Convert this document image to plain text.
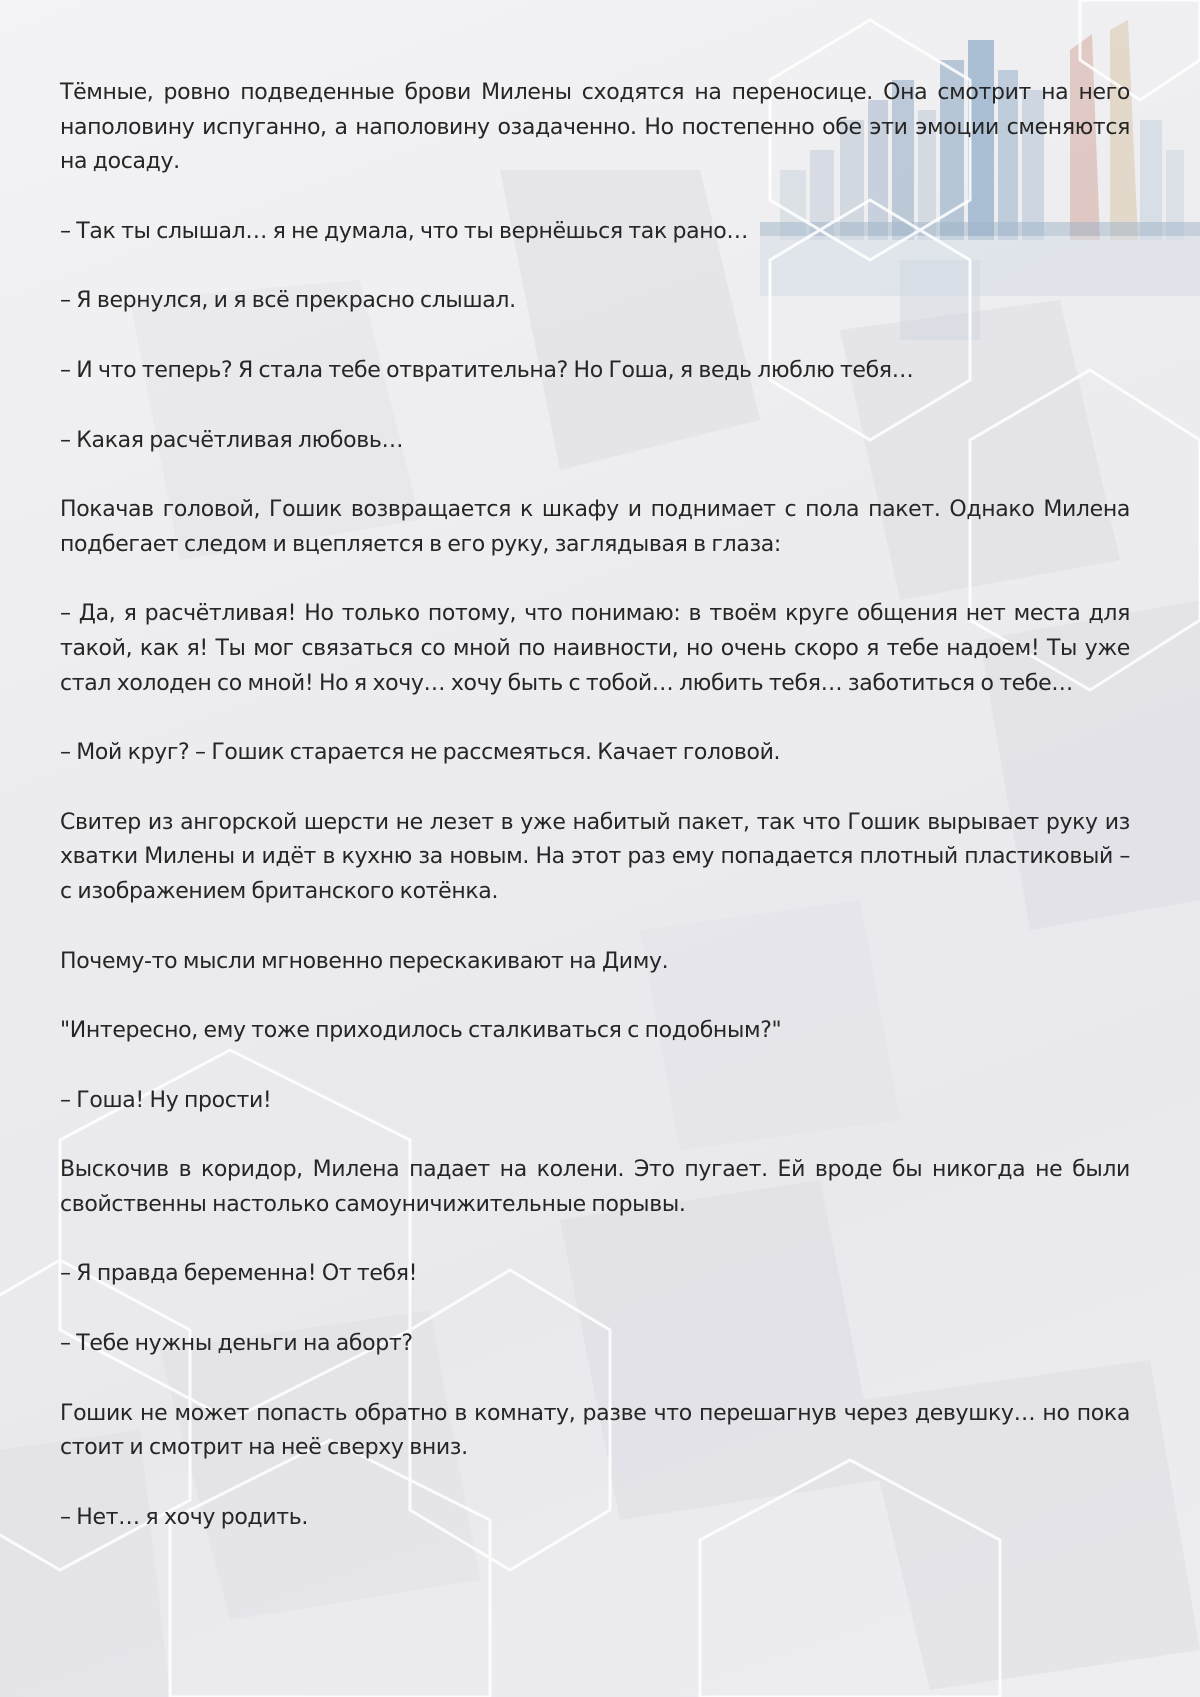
Тёмные, ровно подведенные брови Милены сходятся на переносице. Она смотрит на него наполовину испуганно, а наполовину озадаченно. Но постепенно обе эти эмоции сменяются на досаду.

– Так ты слышал… я не думала, что ты вернёшься так рано…

– Я вернулся, и я всё прекрасно слышал.

– И что теперь? Я стала тебе отвратительна? Но Гоша, я ведь люблю тебя…

– Какая расчётливая любовь…

Покачав головой, Гошик возвращается к шкафу и поднимает с пола пакет. Однако Милена подбегает следом и вцепляется в его руку, заглядывая в глаза:

– Да, я расчётливая! Но только потому, что понимаю: в твоём круге общения нет места для такой, как я! Ты мог связаться со мной по наивности, но очень скоро я тебе надоем! Ты уже стал холоден со мной! Но я хочу… хочу быть с тобой… любить тебя… заботиться о тебе…

– Мой круг? – Гошик старается не рассмеяться. Качает головой.

Свитер из ангорской шерсти не лезет в уже набитый пакет, так что Гошик вырывает руку из хватки Милены и идёт в кухню за новым. На этот раз ему попадается плотный пластиковый – с изображением британского котёнка.

Почему-то мысли мгновенно перескакивают на Диму.

"Интересно, ему тоже приходилось сталкиваться с подобным?"

– Гоша! Ну прости!

Выскочив в коридор, Милена падает на колени. Это пугает. Ей вроде бы никогда не были свойственны настолько самоуничижительные порывы.

– Я правда беременна! От тебя!

– Тебе нужны деньги на аборт?

Гошик не может попасть обратно в комнату, разве что перешагнув через девушку… но пока стоит и смотрит на неё сверху вниз.

– Нет… я хочу родить.
